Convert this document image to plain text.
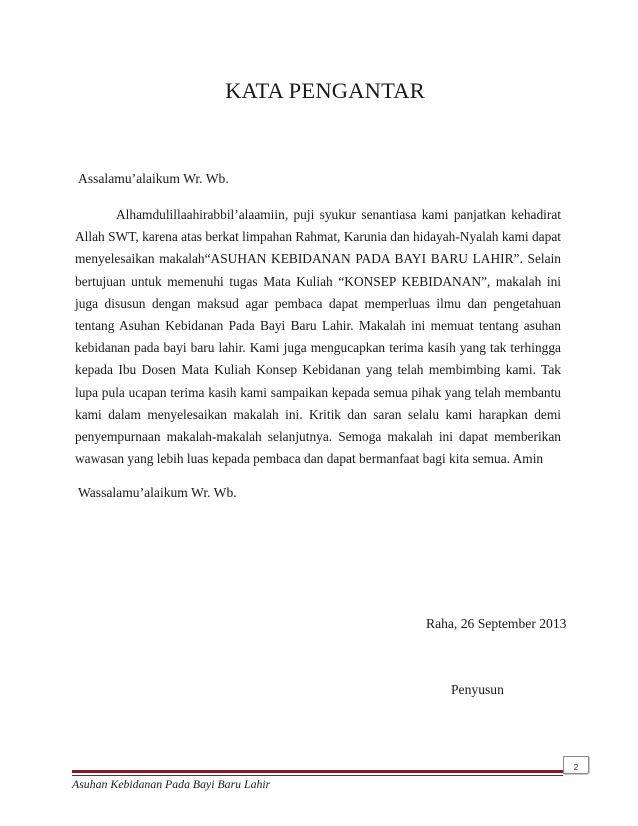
KATA PENGANTAR
Assalamu’alaikum Wr. Wb.

Alhamdulillaahirabbil’alaamiin, puji syukur senantiasa kami panjatkan kehadirat Allah SWT, karena atas berkat limpahan Rahmat, Karunia dan hidayah-Nyalah kami dapat menyelesaikan makalah“ASUHAN KEBIDANAN PADA BAYI BARU LAHIR”. Selain bertujuan untuk memenuhi tugas Mata Kuliah “KONSEP KEBIDANAN”, makalah ini juga disusun dengan maksud agar pembaca dapat memperluas ilmu dan pengetahuan tentang Asuhan Kebidanan Pada Bayi Baru Lahir. Makalah ini memuat tentang asuhan kebidanan pada bayi baru lahir. Kami juga mengucapkan terima kasih yang tak terhingga kepada Ibu Dosen Mata Kuliah Konsep Kebidanan yang telah membimbing kami. Tak lupa pula ucapan terima kasih kami sampaikan kepada semua pihak yang telah membantu kami dalam menyelesaikan makalah ini. Kritik dan saran selalu kami harapkan demi penyempurnaan makalah-makalah selanjutnya. Semoga makalah ini dapat memberikan wawasan yang lebih luas kepada pembaca dan dapat bermanfaat bagi kita semua. Amin

Wassalamu’alaikum Wr. Wb.
Raha, 26 September 2013
Penyusun
2
Asuhan Kebidanan Pada Bayi Baru Lahir
